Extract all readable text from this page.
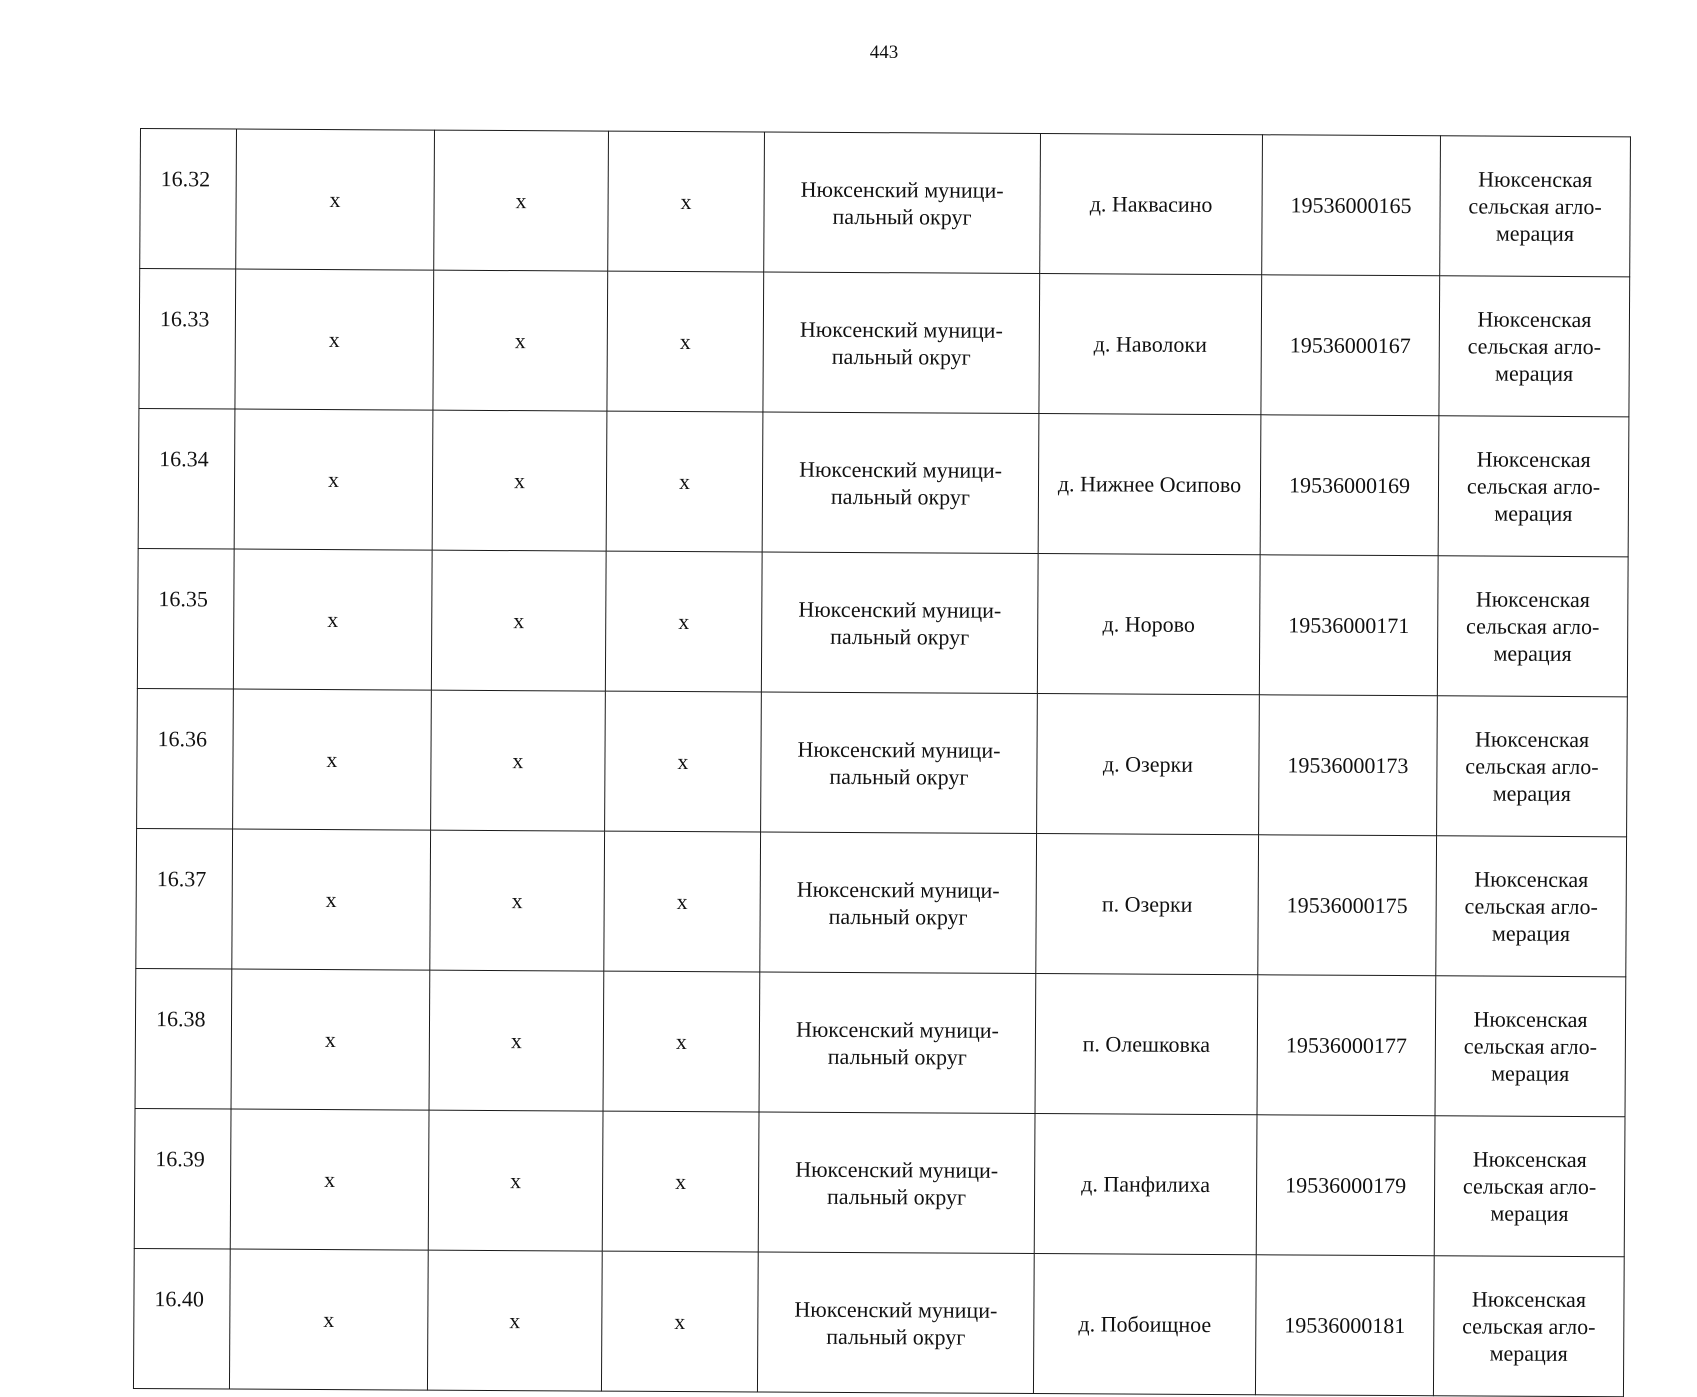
443
16.32	x	x	x	Нюксенский муници-
пальный округ	д. Наквасино	19536000165	Нюксенская
сельская агло-
мерация

16.33	x	x	x	Нюксенский муници-
пальный округ	д. Наволоки	19536000167	Нюксенская
сельская агло-
мерация

16.34	x	x	x	Нюксенский муници-
пальный округ	д. Нижнее Осипово	19536000169	Нюксенская
сельская агло-
мерация

16.35	x	x	x	Нюксенский муници-
пальный округ	д. Норово	19536000171	Нюксенская
сельская агло-
мерация

16.36	x	x	x	Нюксенский муници-
пальный округ	д. Озерки	19536000173	Нюксенская
сельская агло-
мерация

16.37	x	x	x	Нюксенский муници-
пальный округ	п. Озерки	19536000175	Нюксенская
сельская агло-
мерация

16.38	x	x	x	Нюксенский муници-
пальный округ	п. Олешковка	19536000177	Нюксенская
сельская агло-
мерация

16.39	x	x	x	Нюксенский муници-
пальный округ	д. Панфилиха	19536000179	Нюксенская
сельская агло-
мерация

16.40	x	x	x	Нюксенский муници-
пальный округ	д. Побоищное	19536000181	Нюксенская
сельская агло-
мерация
